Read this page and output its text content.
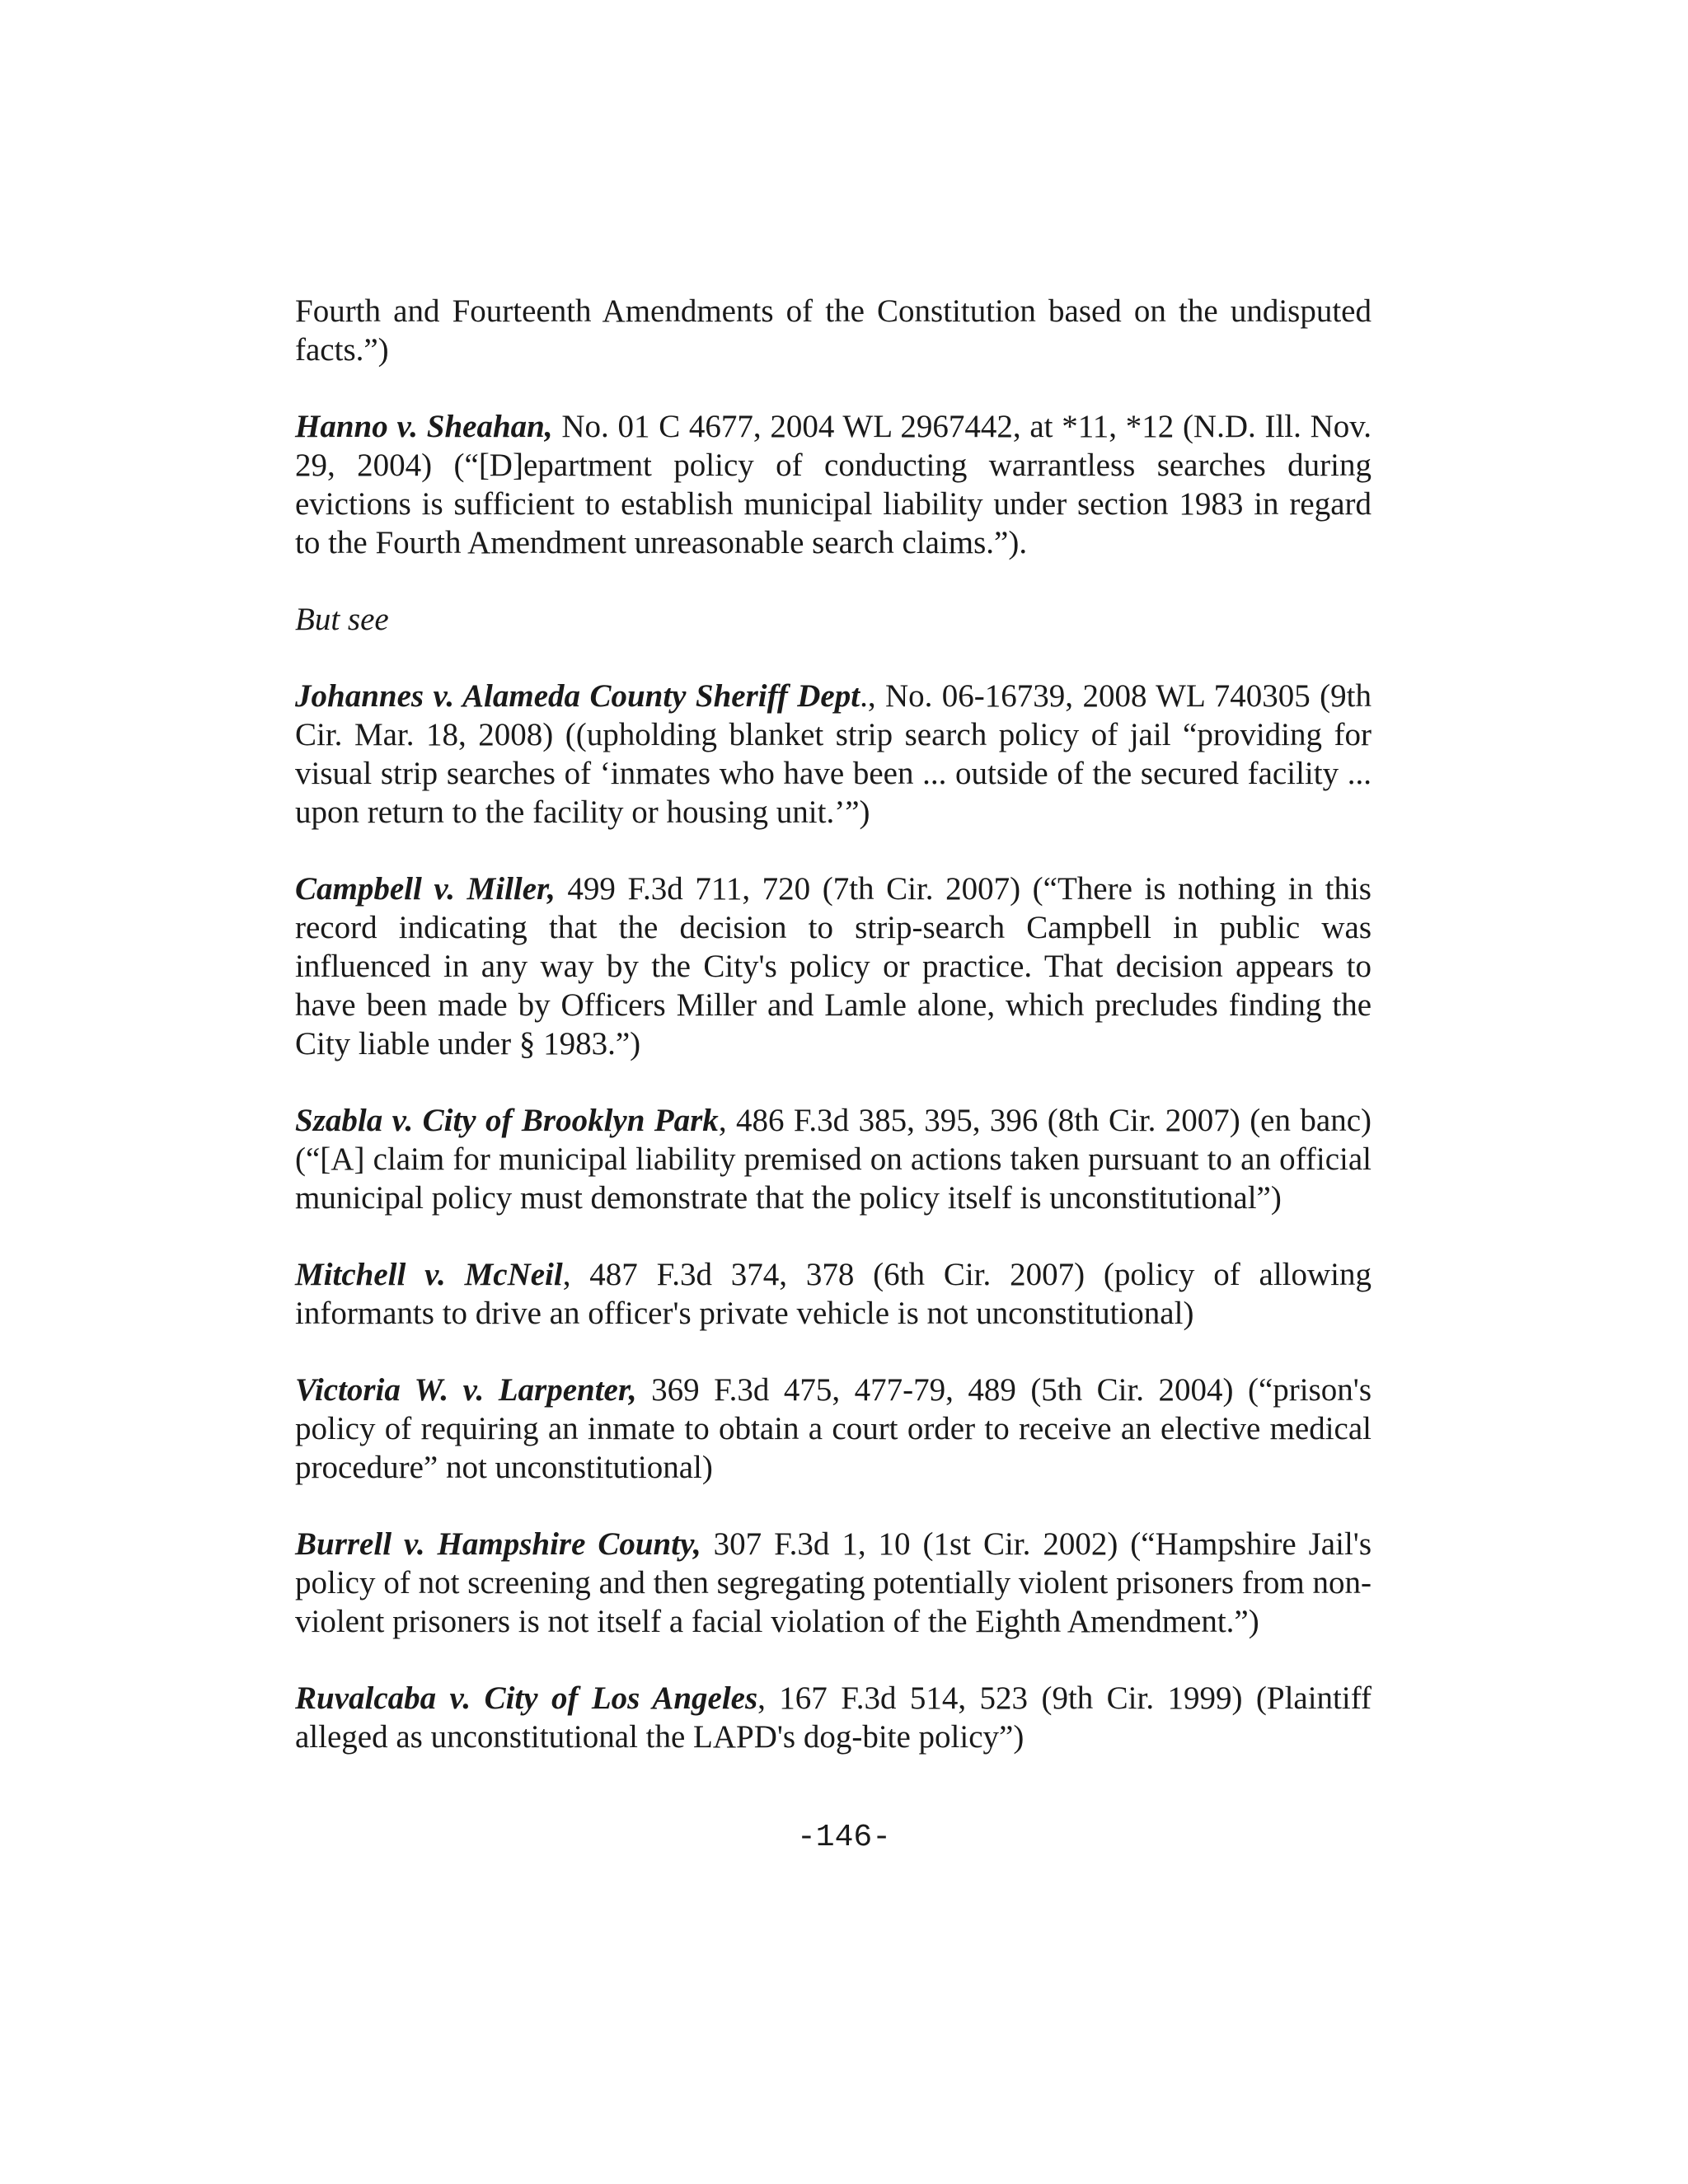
Fourth and Fourteenth Amendments of the Constitution based on the undisputed facts.”)

Hanno v. Sheahan, No. 01 C 4677, 2004 WL 2967442, at *11, *12 (N.D. Ill. Nov. 29, 2004) (“[D]epartment policy of conducting warrantless searches during evictions is sufficient to establish municipal liability under section 1983 in regard to the Fourth Amendment unreasonable search claims.”).

But see

Johannes v. Alameda County Sheriff Dept., No. 06-16739, 2008 WL 740305 (9th Cir. Mar. 18, 2008) ((upholding blanket strip search policy of jail “providing for visual strip searches of ‘inmates who have been ... outside of the secured facility ... upon return to the facility or housing unit.’”)

Campbell v. Miller, 499 F.3d 711, 720 (7th Cir. 2007) (“There is nothing in this record indicating that the decision to strip-search Campbell in public was influenced in any way by the City's policy or practice. That decision appears to have been made by Officers Miller and Lamle alone, which precludes finding the City liable under § 1983.”)

Szabla v. City of Brooklyn Park, 486 F.3d 385, 395, 396 (8th Cir. 2007) (en banc)(“[A] claim for municipal liability premised on actions taken pursuant to an official municipal policy must demonstrate that the policy itself is unconstitutional”)

Mitchell v. McNeil, 487 F.3d 374, 378 (6th Cir. 2007) (policy of allowing informants to drive an officer's private vehicle is not unconstitutional)

Victoria W. v. Larpenter, 369 F.3d 475, 477-79, 489 (5th Cir. 2004) (“prison's policy of requiring an inmate to obtain a court order to receive an elective medical procedure” not unconstitutional)

Burrell v. Hampshire County, 307 F.3d 1, 10 (1st Cir. 2002) (“Hampshire Jail's policy of not screening and then segregating potentially violent prisoners from non-violent prisoners is not itself a facial violation of the Eighth Amendment.”)

Ruvalcaba v. City of Los Angeles, 167 F.3d 514, 523 (9th Cir. 1999) (Plaintiff alleged as unconstitutional the LAPD's dog-bite policy”)

-146-
